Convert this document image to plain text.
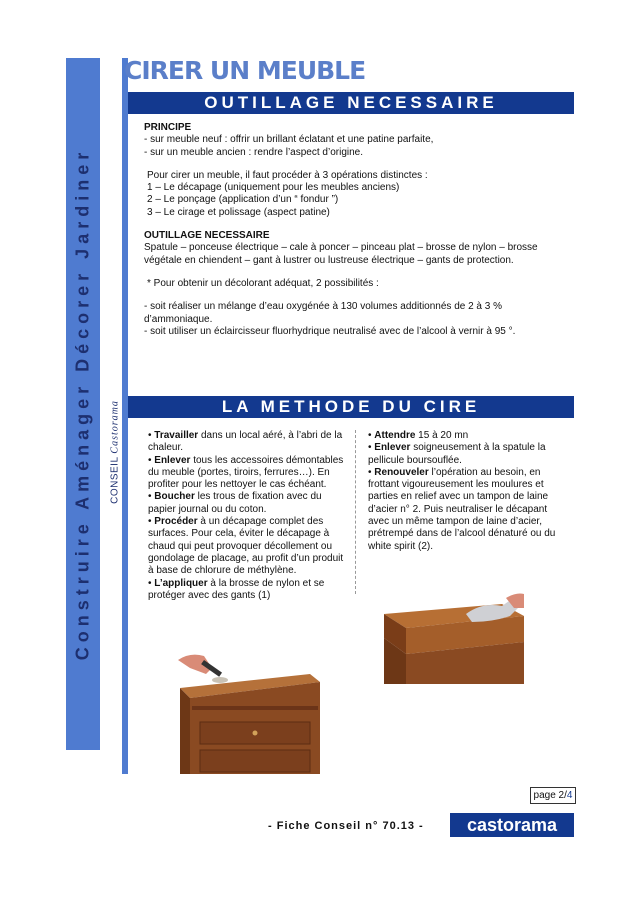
Construire Aménager Décorer Jardiner CONSEIL Castorama
CIRER UN MEUBLE
OUTILLAGE NECESSAIRE

PRINCIPE

- sur meuble neuf : offrir un brillant éclatant et une patine parfaite,

- sur un meuble ancien : rendre l’aspect d’origine.

Pour cirer un meuble, il faut procéder à 3 opérations distinctes :

1 – Le décapage (uniquement pour les meubles anciens)

2 – Le ponçage (application d’un “ fondur ”)

3 – Le cirage et polissage (aspect patine)

OUTILLAGE NECESSAIRE

Spatule – ponceuse électrique – cale à poncer – pinceau plat – brosse de nylon – brosse végétale en chiendent – gant à lustrer ou lustreuse électrique – gants de protection.

* Pour obtenir un décolorant adéquat, 2 possibilités :

- soit réaliser un mélange d’eau oxygénée à 130 volumes additionnés de 2 à 3 % d’ammoniaque.

- soit utiliser un éclaircisseur fluorhydrique neutralisé avec de l’alcool à vernir à 95 °.

LA METHODE DU CIRE

• Travailler dans un local aéré, à l’abri de la chaleur.

• Enlever tous les accessoires démontables du meuble (portes, tiroirs, ferrures…). En profiter pour les nettoyer le cas échéant.

• Boucher les trous de fixation avec du papier journal ou du coton.

• Procéder à un décapage complet des surfaces. Pour cela, éviter le décapage à chaud qui peut provoquer décollement ou gondolage de placage, au profit d’un produit à base de chlorure de méthylène.

• L’appliquer à la brosse de nylon et se protéger avec des gants (1)

• Attendre 15 à 20 mn

• Enlever soigneusement à la spatule la pellicule boursouflée.

• Renouveler l’opération au besoin, en frottant vigoureusement les moulures et parties en relief avec un tampon de laine d’acier n° 2. Puis neutraliser le décapant avec un même tampon de laine d’acier, prétrempé dans de l’alcool dénaturé ou du white spirit (2).

page 2/4
- Fiche Conseil n° 70.13 -	castorama
